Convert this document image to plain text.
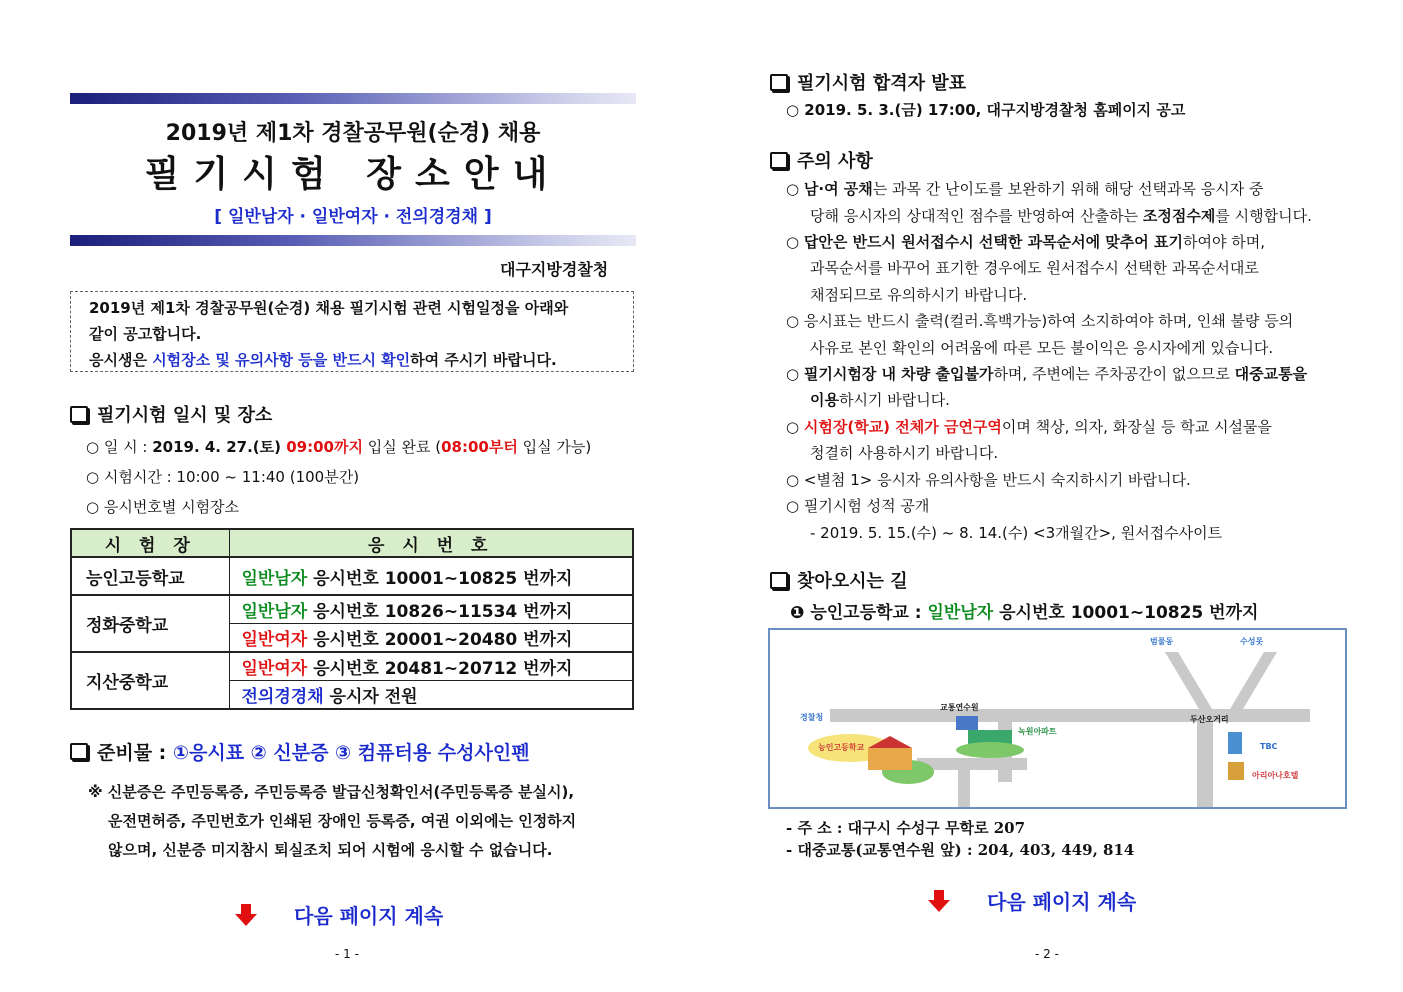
2019년 제1차 경찰공무원(순경) 채용
필기시험 장소안내
[ 일반남자 · 일반여자 · 전의경경채 ]
대구지방경찰청
2019년 제1차 경찰공무원(순경) 채용 필기시험 관련 시험일정을 아래와
같이 공고합니다.
응시생은 시험장소 및 유의사항 등을 반드시 확인하여 주시기 바랍니다.
필기시험 일시 및 장소
○ 일 시 : 2019. 4. 27.(토) 09:00까지 입실 완료 (08:00부터 입실 가능)
○ 시험시간 : 10:00 ~ 11:40 (100분간)
○ 응시번호별 시험장소
시 험 장	응 시 번 호
능인고등학교	일반남자 응시번호 10001~10825 번까지
정화중학교	일반남자 응시번호 10826~11534 번까지
	일반여자 응시번호 20001~20480 번까지
지산중학교	일반여자 응시번호 20481~20712 번까지
	전의경경채 응시자 전원
준비물 :
①응시표 ② 신분증 ③ 컴퓨터용 수성사인펜
※ 신분증은 주민등록증, 주민등록증 발급신청확인서(주민등록증 분실시),
운전면허증, 주민번호가 인쇄된 장애인 등록증, 여권 이외에는 인정하지
않으며, 신분증 미지참시 퇴실조치 되어 시험에 응시할 수 없습니다.
다음 페이지 계속
- 1 -
필기시험 합격자 발표
○ 2019. 5. 3.(금) 17:00, 대구지방경찰청 홈페이지 공고
주의 사항
○ 남·여 공채는 과목 간 난이도를 보완하기 위해 해당 선택과목 응시자 중
당해 응시자의 상대적인 점수를 반영하여 산출하는 조정점수제를 시행합니다.
○ 답안은 반드시 원서접수시 선택한 과목순서에 맞추어 표기하여야 하며,
과목순서를 바꾸어 표기한 경우에도 원서접수시 선택한 과목순서대로
채점되므로 유의하시기 바랍니다.
○ 응시표는 반드시 출력(컬러.흑백가능)하여 소지하여야 하며, 인쇄 불량 등의
사유로 본인 확인의 어려움에 따른 모든 불이익은 응시자에게 있습니다.
○ 필기시험장 내 차량 출입불가하며, 주변에는 주차공간이 없으므로 대중교통을
이용하시기 바랍니다.
○ 시험장(학교) 전체가 금연구역이며 책상, 의자, 화장실 등 학교 시설물을
청결히 사용하시기 바랍니다.
○ <별첨 1> 응시자 유의사항을 반드시 숙지하시기 바랍니다.
○ 필기시험 성적 공개
- 2019. 5. 15.(수) ~ 8. 14.(수) <3개월간>, 원서접수사이트
찾아오시는 길
❶ 능인고등학교 : 일반남자 응시번호 10001~10825 번까지
범물동	수성못
경찰청
교통연수원
녹원아파트
두산오거리
능인고등학교	TBC
아리아나호텔
- 주 소 : 대구시 수성구 무학로 207
- 대중교통(교통연수원 앞) : 204, 403, 449, 814
다음 페이지 계속
- 2 -
